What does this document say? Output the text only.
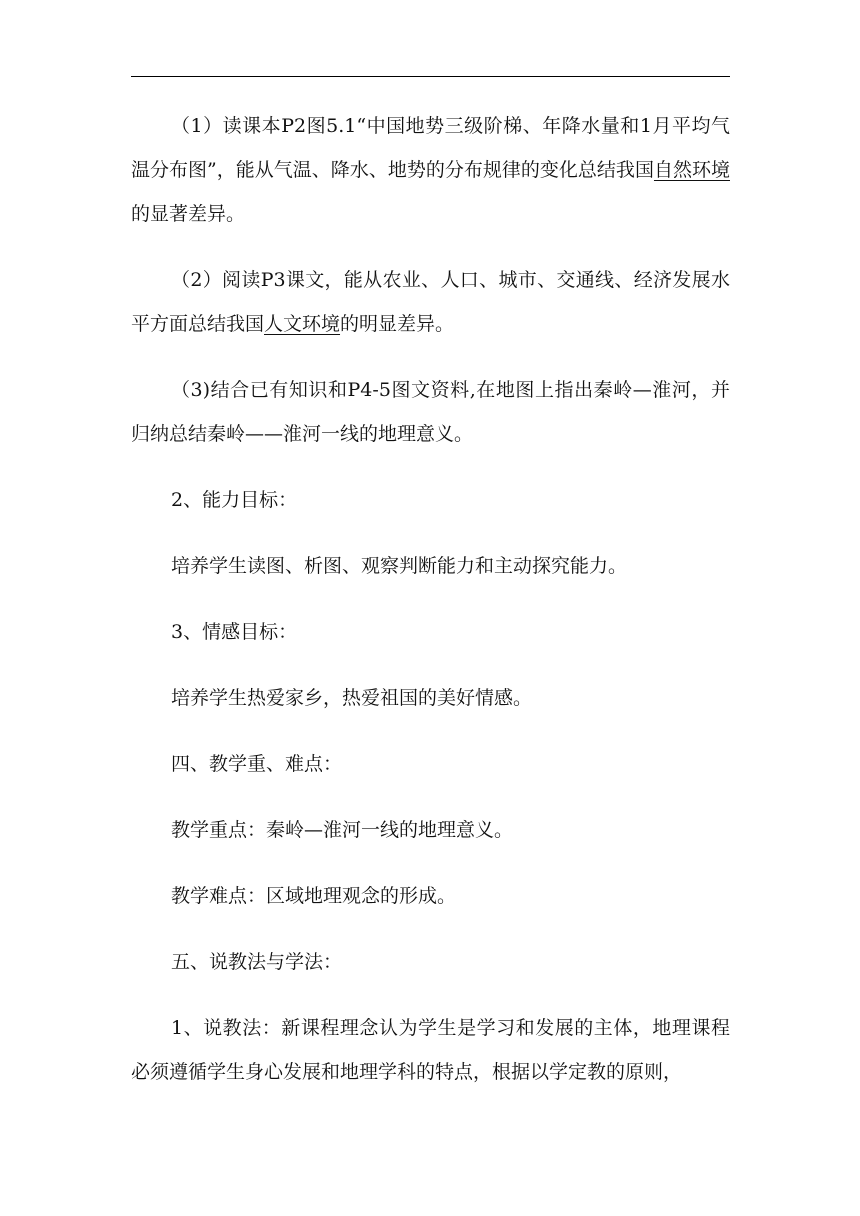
（1）读课本P2图5.1“中国地势三级阶梯、年降水量和1月平均气温分布图”，能从气温、降水、地势的分布规律的变化总结我国自然环境的显著差异。

（2）阅读P3课文，能从农业、人口、城市、交通线、经济发展水平方面总结我国人文环境的明显差异。

（3)结合已有知识和P4-5图文资料,在地图上指出秦岭—淮河，并归纳总结秦岭——淮河一线的地理意义。

2、能力目标：

培养学生读图、析图、观察判断能力和主动探究能力。

3、情感目标：

培养学生热爱家乡，热爱祖国的美好情感。

四、教学重、难点：

教学重点：秦岭—淮河一线的地理意义。

教学难点：区域地理观念的形成。

五、说教法与学法：

1、说教法：新课程理念认为学生是学习和发展的主体，地理课程必须遵循学生身心发展和地理学科的特点，根据以学定教的原则，
